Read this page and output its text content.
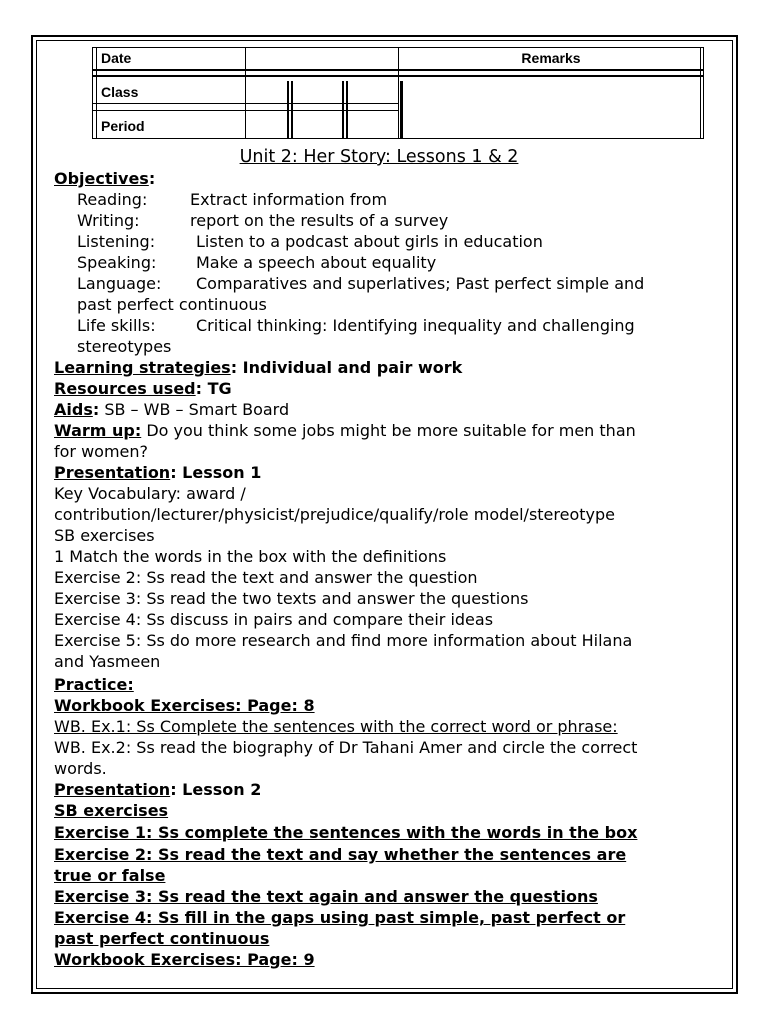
Date	Remarks
Class
Period
Unit 2: Her Story: Lessons 1 & 2
Objectives:
Reading:	Extract information from
Writing:	report on the results of a survey
Listening:	Listen to a podcast about girls in education
Speaking: Make a speech about equality
Language: Comparatives and superlatives; Past perfect simple and
past perfect continuous
Life skills:	Critical thinking: Identifying inequality and challenging
stereotypes
Learning strategies: Individual and pair work
Resources used: TG
Aids: SB – WB – Smart Board
Warm up: Do you think some jobs might be more suitable for men than
for women?
Presentation: Lesson 1
Key Vocabulary: award /
contribution/lecturer/physicist/prejudice/qualify/role model/stereotype
SB exercises
1 Match the words in the box with the definitions
Exercise 2: Ss read the text and answer the question
Exercise 3: Ss read the two texts and answer the questions
Exercise 4: Ss discuss in pairs and compare their ideas
Exercise 5: Ss do more research and find more information about Hilana
and Yasmeen
Practice:
Workbook Exercises: Page: 8
WB. Ex.1: Ss Complete the sentences with the correct word or phrase:
WB. Ex.2: Ss read the biography of Dr Tahani Amer and circle the correct
words.
Presentation: Lesson 2
SB exercises
Exercise 1: Ss complete the sentences with the words in the box
Exercise 2: Ss read the text and say whether the sentences are
true or false
Exercise 3: Ss read the text again and answer the questions
Exercise 4: Ss fill in the gaps using past simple, past perfect or
past perfect continuous
Workbook Exercises: Page: 9
